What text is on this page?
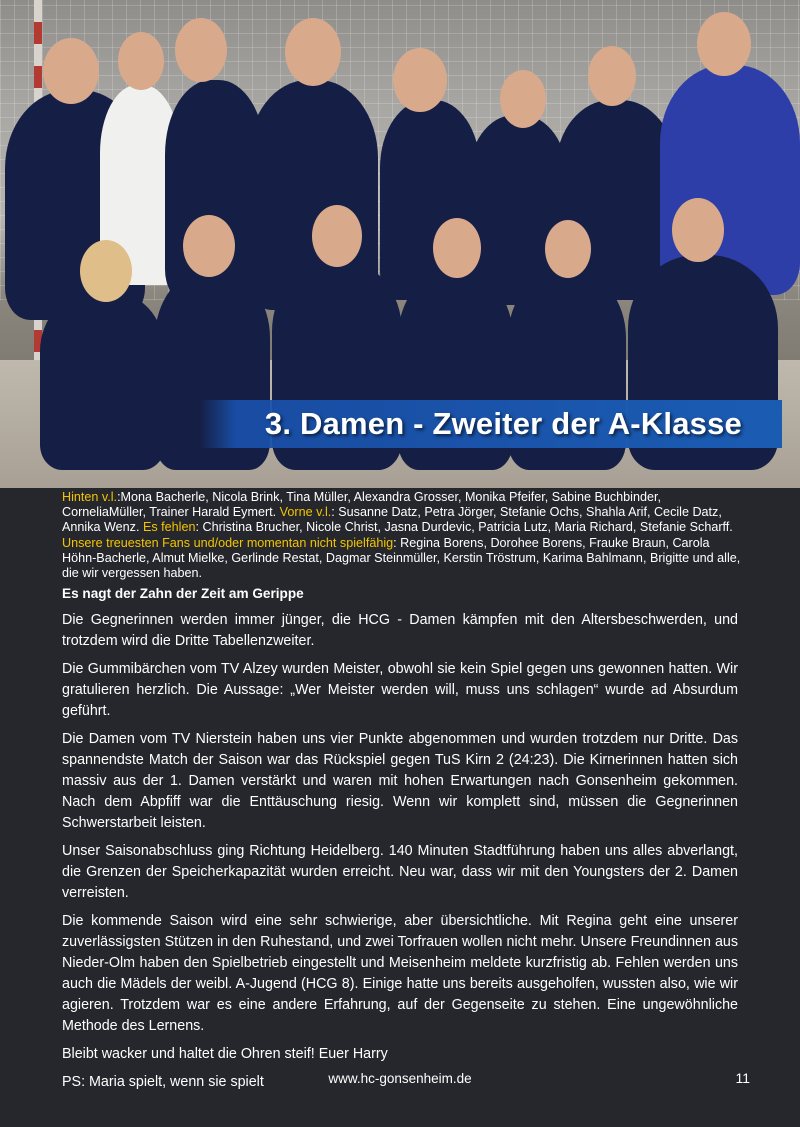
3. Damen - Zweiter der A-Klasse
Hinten v.l.:Mona Bacherle, Nicola Brink, Tina Müller, Alexandra Grosser, Monika Pfeifer, Sabine Buchbinder, CorneliaMüller, Trainer Harald Eymert. Vorne v.l.: Susanne Datz, Petra Jörger, Stefanie Ochs, Shahla Arif, Cecile Datz, Annika Wenz. Es fehlen: Christina Brucher, Nicole Christ, Jasna Durdevic, Patricia Lutz, Maria Richard, Stefanie Scharff. Unsere treuesten Fans und/oder momentan nicht spielfähig: Regina Borens, Dorohee Borens, Frauke Braun, Carola Höhn-Bacherle, Almut Mielke, Gerlinde Restat, Dagmar Steinmüller, Kerstin Tröstrum, Karima Bahlmann, Brigitte und alle, die wir vergessen haben.
Es nagt der Zahn der Zeit am Gerippe

Die Gegnerinnen werden immer jünger, die HCG - Damen kämpfen mit den Altersbeschwerden, und trotzdem wird die Dritte Tabellenzweiter.

Die Gummibärchen vom TV Alzey wurden Meister, obwohl sie kein Spiel gegen uns gewonnen hatten. Wir gratulieren herzlich. Die Aussage: „Wer Meister werden will, muss uns schlagen“ wurde ad Absurdum geführt.

Die Damen vom TV Nierstein haben uns vier Punkte abgenommen und wurden trotzdem nur Dritte. Das spannendste Match der Saison war das Rückspiel gegen TuS Kirn 2 (24:23). Die Kirnerinnen hatten sich massiv aus der 1. Damen verstärkt und waren mit hohen Erwartungen nach Gonsenheim gekommen. Nach dem Abpfiff war die Enttäuschung riesig. Wenn wir komplett sind, müssen die Gegnerinnen Schwerstarbeit leisten.

Unser Saisonabschluss ging Richtung Heidelberg. 140 Minuten Stadtführung haben uns alles abverlangt, die Grenzen der Speicherkapazität wurden erreicht. Neu war, dass wir mit den Youngsters der 2. Damen verreisten.

Die kommende Saison wird eine sehr schwierige, aber übersichtliche. Mit Regina geht eine unserer zuverlässigsten Stützen in den Ruhestand, und zwei Torfrauen wollen nicht mehr. Unsere Freundinnen aus Nieder-Olm haben den Spielbetrieb eingestellt und Meisenheim meldete kurzfristig ab. Fehlen werden uns auch die Mädels der weibl. A-Jugend (HCG 8). Einige hatte uns bereits ausgeholfen, wussten also, wie wir agieren. Trotzdem war es eine andere Erfahrung, auf der Gegenseite zu stehen. Eine ungewöhnliche Methode des Lernens.

Bleibt wacker und haltet die Ohren steif! Euer Harry

PS: Maria spielt, wenn sie spielt	www.hc-gonsenheim.de	11
